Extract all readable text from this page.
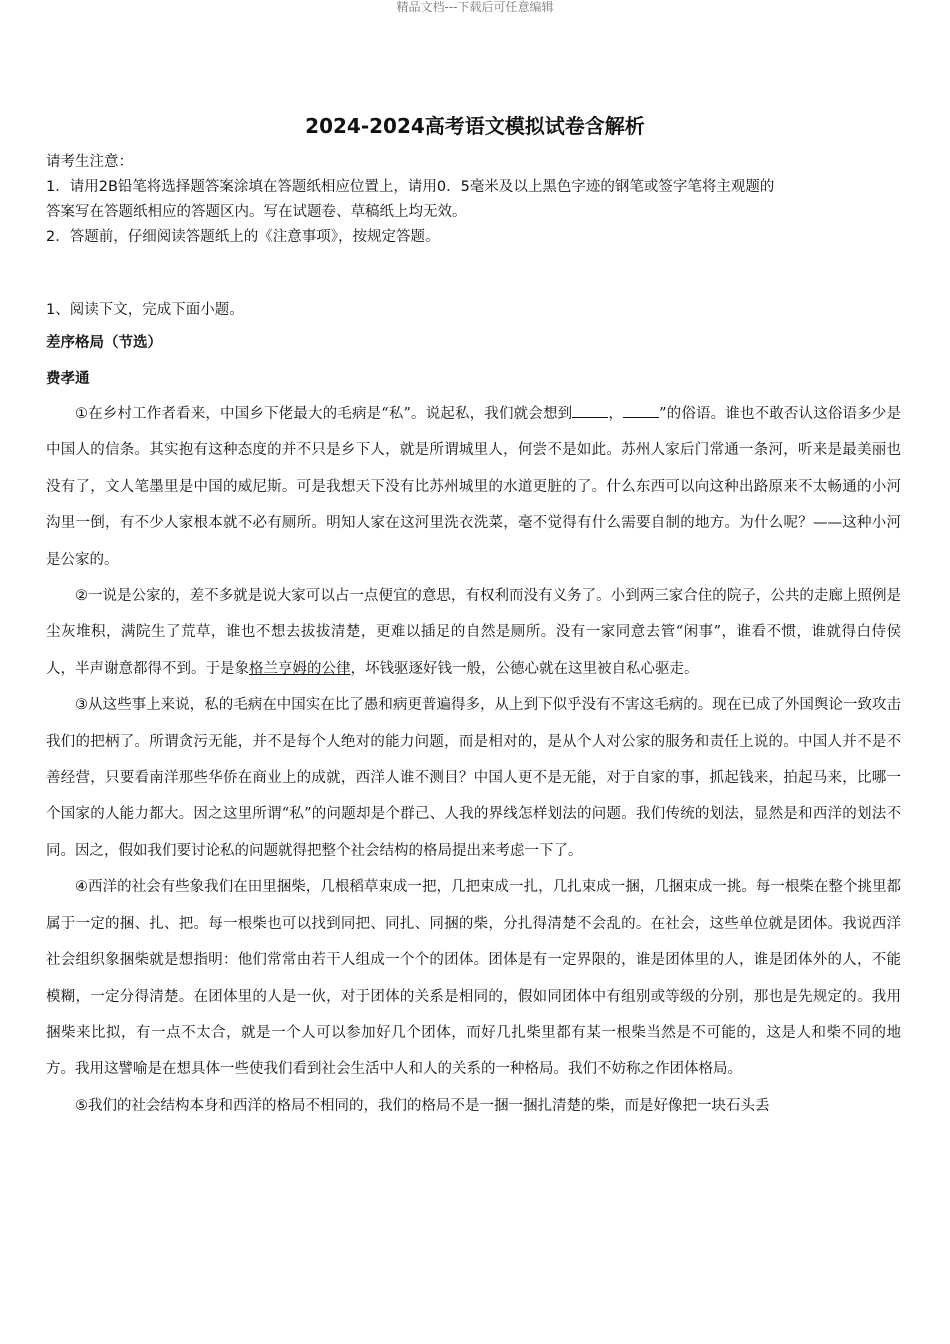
精品文档---下载后可任意编辑
2024-2024高考语文模拟试卷含解析
请考生注意：
1．请用2B铅笔将选择题答案涂填在答题纸相应位置上，请用0．5毫米及以上黑色字迹的钢笔或签字笔将主观题的
答案写在答题纸相应的答题区内。写在试题卷、草稿纸上均无效。
2．答题前，仔细阅读答题纸上的《注意事项》，按规定答题。
1、阅读下文，完成下面小题。
差序格局（节选）
费孝通

①在乡村工作者看来，中国乡下佬最大的毛病是“私”。说起私，我们就会想到 ， ”的俗语。谁也不敢否认这俗语多少是中国人的信条。其实抱有这种态度的并不只是乡下人，就是所谓城里人，何尝不是如此。苏州人家后门常通一条河，听来是最美丽也没有了，文人笔墨里是中国的威尼斯。可是我想天下没有比苏州城里的水道更脏的了。什么东西可以向这种出路原来不太畅通的小河沟里一倒，有不少人家根本就不必有厕所。明知人家在这河里洗衣洗菜，毫不觉得有什么需要自制的地方。为什么呢？——这种小河是公家的。

②一说是公家的，差不多就是说大家可以占一点便宜的意思，有权利而没有义务了。小到两三家合住的院子，公共的走廊上照例是尘灰堆积，满院生了荒草，谁也不想去拔拔清楚，更难以插足的自然是厕所。没有一家同意去管“闲事”，谁看不惯，谁就得白侍侯人，半声谢意都得不到。于是象格兰亨姆的公律，坏钱驱逐好钱一般，公德心就在这里被自私心驱走。

③从这些事上来说，私的毛病在中国实在比了愚和病更普遍得多，从上到下似乎没有不害这毛病的。现在已成了外国舆论一致攻击我们的把柄了。所谓贪污无能，并不是每个人绝对的能力问题，而是相对的，是从个人对公家的服务和责任上说的。中国人并不是不善经营，只要看南洋那些华侨在商业上的成就，西洋人谁不测目？中国人更不是无能，对于自家的事，抓起钱来，拍起马来，比哪一个国家的人能力都大。因之这里所谓“私”的问题却是个群己、人我的界线怎样划法的问题。我们传统的划法，显然是和西洋的划法不同。因之，假如我们要讨论私的问题就得把整个社会结构的格局提出来考虑一下了。

④西洋的社会有些象我们在田里捆柴，几根稻草束成一把，几把束成一扎，几扎束成一捆，几捆束成一挑。每一根柴在整个挑里都属于一定的捆、扎、把。每一根柴也可以找到同把、同扎、同捆的柴，分扎得清楚不会乱的。在社会，这些单位就是团体。我说西洋社会组织象捆柴就是想指明：他们常常由若干人组成一个个的团体。团体是有一定界限的，谁是团体里的人，谁是团体外的人，不能模糊，一定分得清楚。在团体里的人是一伙，对于团体的关系是相同的，假如同团体中有组别或等级的分别，那也是先规定的。我用捆柴来比拟，有一点不太合，就是一个人可以参加好几个团体，而好几扎柴里都有某一根柴当然是不可能的，这是人和柴不同的地方。我用这譬喻是在想具体一些使我们看到社会生活中人和人的关系的一种格局。我们不妨称之作团体格局。

⑤我们的社会结构本身和西洋的格局不相同的，我们的格局不是一捆一捆扎清楚的柴，而是好像把一块石头丢
